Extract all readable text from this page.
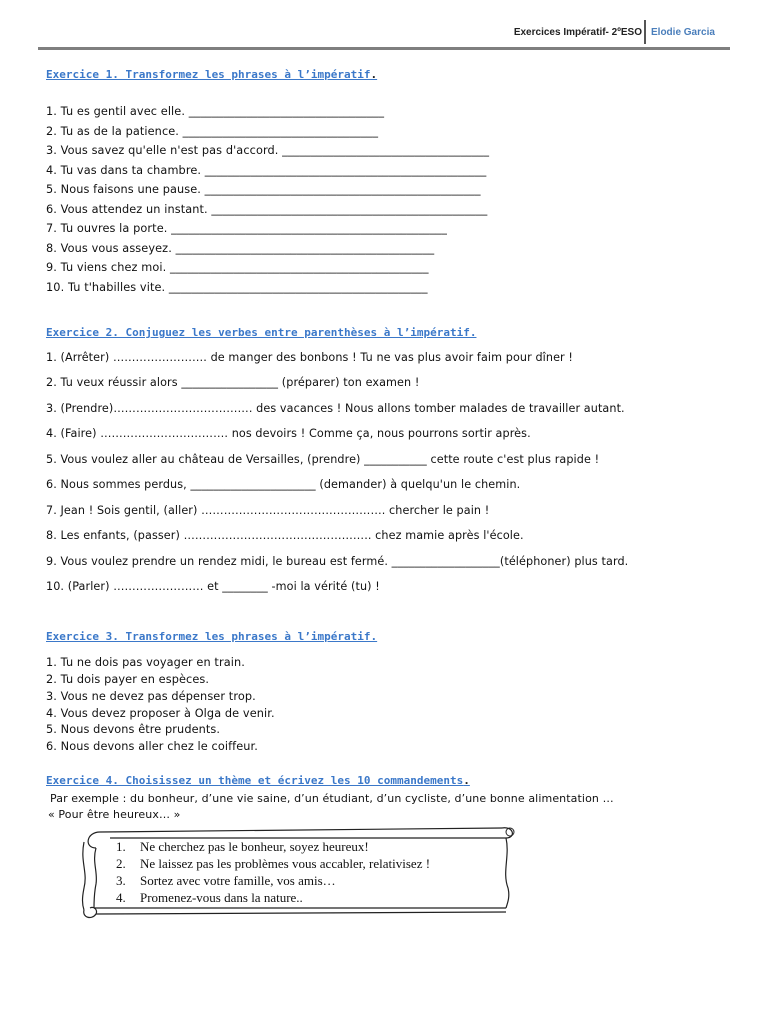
Exercices Impératif- 2ºESO Elodie Garcia
Exercice 1. Transformez les phrases à l’impératif.
1. Tu es gentil avec elle. __________________________________
2. Tu as de la patience. __________________________________
3. Vous savez qu'elle n'est pas d'accord. ____________________________________
4. Tu vas dans ta chambre. _________________________________________________
5. Nous faisons une pause. ________________________________________________
6. Vous attendez un instant. ________________________________________________
7. Tu ouvres la porte. ________________________________________________
8. Vous vous asseyez. _____________________________________________
9. Tu viens chez moi. _____________________________________________
10. Tu t'habilles vite. _____________________________________________
Exercice 2. Conjuguez les verbes entre parenthèses à l’impératif.
1. (Arrêter) ……………………. de manger des bonbons ! Tu ne vas plus avoir faim pour dîner !
2. Tu veux réussir alors _________________ (préparer) ton examen !
3. (Prendre)………………………………. des vacances ! Nous allons tomber malades de travailler autant.
4. (Faire) ……………………………. nos devoirs ! Comme ça, nous pourrons sortir après.
5. Vous voulez aller au château de Versailles, (prendre) ___________ cette route c'est plus rapide !
6. Nous sommes perdus, ______________________ (demander) à quelqu'un le chemin.
7. Jean ! Sois gentil, (aller) …………………………………………. chercher le pain !
8. Les enfants, (passer) ………………………………………….. chez mamie après l'école.
9. Vous voulez prendre un rendez midi, le bureau est fermé. ___________________(téléphoner) plus tard.
10. (Parler) …………………… et ________ -moi la vérité (tu) !
Exercice 3. Transformez les phrases à l’impératif.
1. Tu ne dois pas voyager en train.
2. Tu dois payer en espèces.
3. Vous ne devez pas dépenser trop.
4. Vous devez proposer à Olga de venir.
5. Nous devons être prudents.
6. Nous devons aller chez le coiffeur.
Exercice 4. Choisissez un thème et écrivez les 10 commandements.
Par exemple : du bonheur, d’une vie saine, d’un étudiant, d’un cycliste, d’une bonne alimentation …
« Pour être heureux… »
1. Ne cherchez pas le bonheur, soyez heureux!
2. Ne laissez pas les problèmes vous accabler, relativisez !
3. Sortez avec votre famille, vos amis…
4. Promenez-vous dans la nature..
